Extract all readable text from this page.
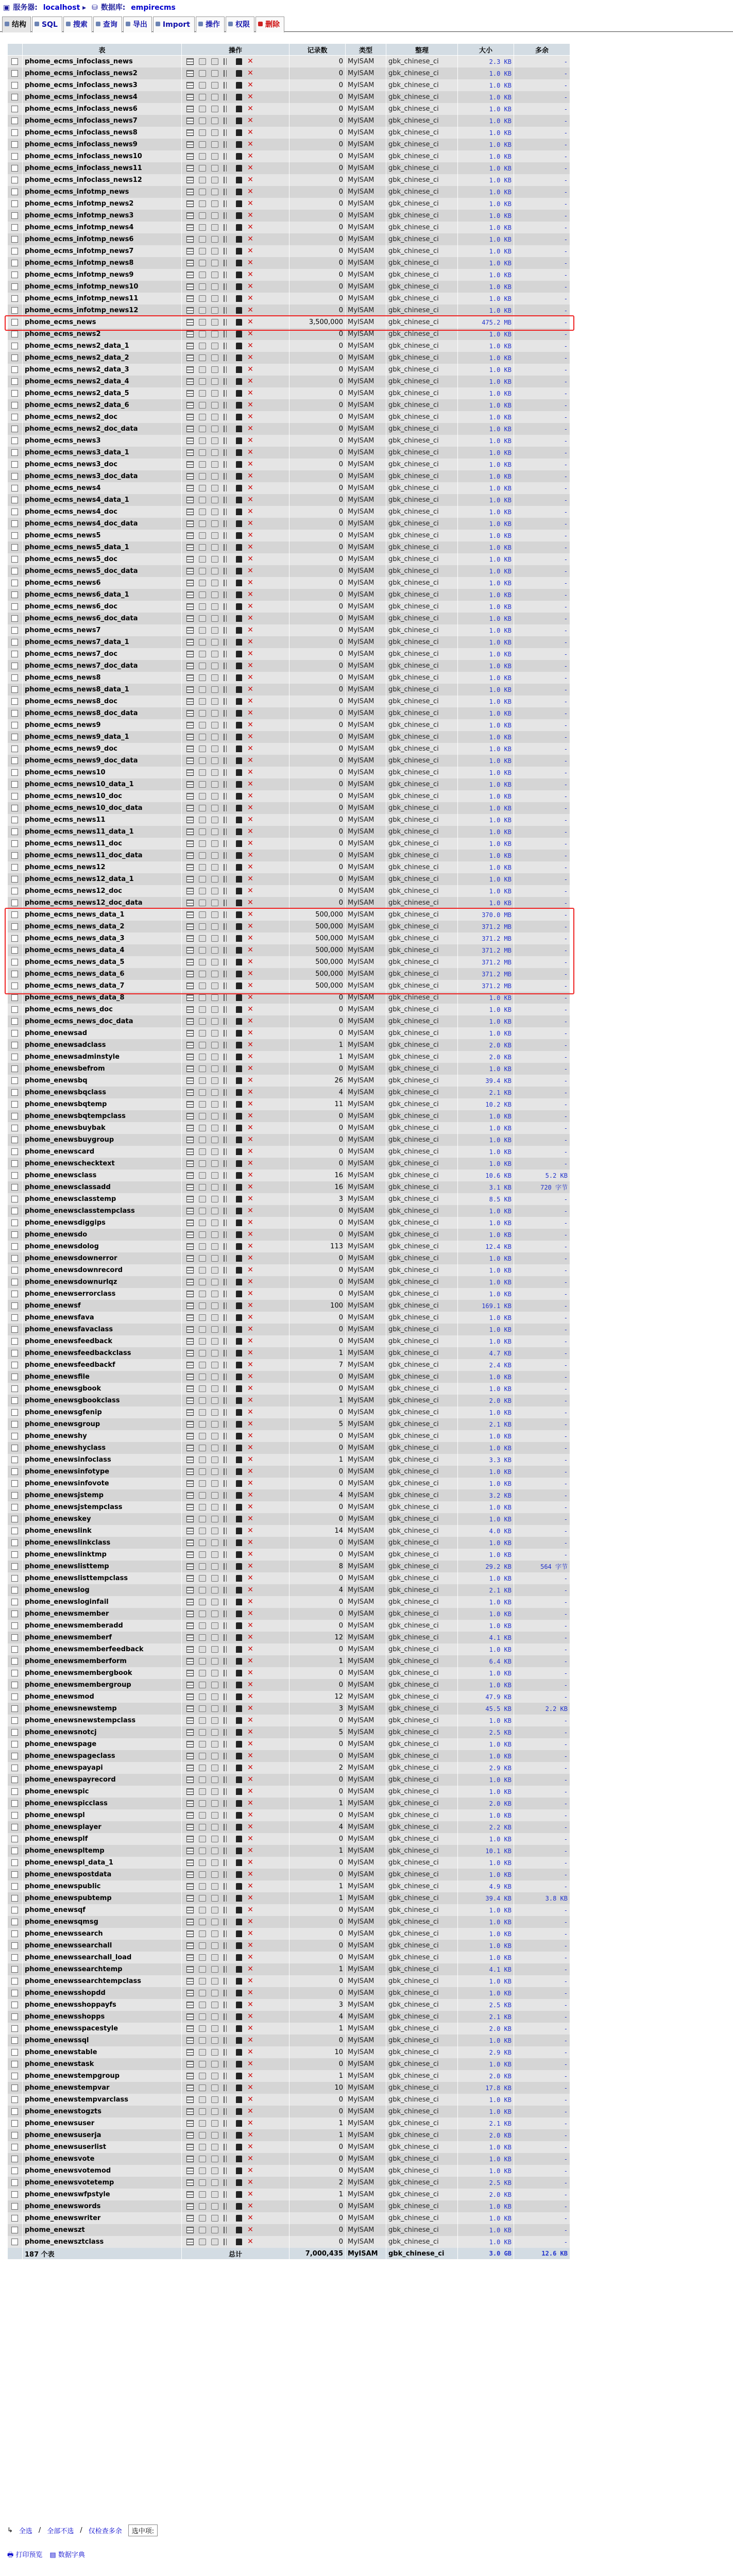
▣ 服务器: localhost ▸ ⛁ 数据库: empirecms
结构	SQL	搜索	查询	导出	Import	操作	权限	删除
	表	操作	记录数	类型	整理	大小	多余
	phome_ecms_infoclass_news	✕	0	MyISAM	gbk_chinese_ci	2.3 KB	-
	phome_ecms_infoclass_news2	✕	0	MyISAM	gbk_chinese_ci	1.0 KB	-
	phome_ecms_infoclass_news3	✕	0	MyISAM	gbk_chinese_ci	1.0 KB	-
	phome_ecms_infoclass_news4	✕	0	MyISAM	gbk_chinese_ci	1.0 KB	-
	phome_ecms_infoclass_news6	✕	0	MyISAM	gbk_chinese_ci	1.0 KB	-
	phome_ecms_infoclass_news7	✕	0	MyISAM	gbk_chinese_ci	1.0 KB	-
	phome_ecms_infoclass_news8	✕	0	MyISAM	gbk_chinese_ci	1.0 KB	-
	phome_ecms_infoclass_news9	✕	0	MyISAM	gbk_chinese_ci	1.0 KB	-
	phome_ecms_infoclass_news10	✕	0	MyISAM	gbk_chinese_ci	1.0 KB	-
	phome_ecms_infoclass_news11	✕	0	MyISAM	gbk_chinese_ci	1.0 KB	-
	phome_ecms_infoclass_news12	✕	0	MyISAM	gbk_chinese_ci	1.0 KB	-
	phome_ecms_infotmp_news	✕	0	MyISAM	gbk_chinese_ci	1.0 KB	-
	phome_ecms_infotmp_news2	✕	0	MyISAM	gbk_chinese_ci	1.0 KB	-
	phome_ecms_infotmp_news3	✕	0	MyISAM	gbk_chinese_ci	1.0 KB	-
	phome_ecms_infotmp_news4	✕	0	MyISAM	gbk_chinese_ci	1.0 KB	-
	phome_ecms_infotmp_news6	✕	0	MyISAM	gbk_chinese_ci	1.0 KB	-
	phome_ecms_infotmp_news7	✕	0	MyISAM	gbk_chinese_ci	1.0 KB	-
	phome_ecms_infotmp_news8	✕	0	MyISAM	gbk_chinese_ci	1.0 KB	-
	phome_ecms_infotmp_news9	✕	0	MyISAM	gbk_chinese_ci	1.0 KB	-
	phome_ecms_infotmp_news10	✕	0	MyISAM	gbk_chinese_ci	1.0 KB	-
	phome_ecms_infotmp_news11	✕	0	MyISAM	gbk_chinese_ci	1.0 KB	-
	phome_ecms_infotmp_news12	✕	0	MyISAM	gbk_chinese_ci	1.0 KB	-
	phome_ecms_news	✕	3,500,000	MyISAM	gbk_chinese_ci	475.2 MB	-
	phome_ecms_news2	✕	0	MyISAM	gbk_chinese_ci	1.0 KB	-
	phome_ecms_news2_data_1	✕	0	MyISAM	gbk_chinese_ci	1.0 KB	-
	phome_ecms_news2_data_2	✕	0	MyISAM	gbk_chinese_ci	1.0 KB	-
	phome_ecms_news2_data_3	✕	0	MyISAM	gbk_chinese_ci	1.0 KB	-
	phome_ecms_news2_data_4	✕	0	MyISAM	gbk_chinese_ci	1.0 KB	-
	phome_ecms_news2_data_5	✕	0	MyISAM	gbk_chinese_ci	1.0 KB	-
	phome_ecms_news2_data_6	✕	0	MyISAM	gbk_chinese_ci	1.0 KB	-
	phome_ecms_news2_doc	✕	0	MyISAM	gbk_chinese_ci	1.0 KB	-
	phome_ecms_news2_doc_data	✕	0	MyISAM	gbk_chinese_ci	1.0 KB	-
	phome_ecms_news3	✕	0	MyISAM	gbk_chinese_ci	1.0 KB	-
	phome_ecms_news3_data_1	✕	0	MyISAM	gbk_chinese_ci	1.0 KB	-
	phome_ecms_news3_doc	✕	0	MyISAM	gbk_chinese_ci	1.0 KB	-
	phome_ecms_news3_doc_data	✕	0	MyISAM	gbk_chinese_ci	1.0 KB	-
	phome_ecms_news4	✕	0	MyISAM	gbk_chinese_ci	1.0 KB	-
	phome_ecms_news4_data_1	✕	0	MyISAM	gbk_chinese_ci	1.0 KB	-
	phome_ecms_news4_doc	✕	0	MyISAM	gbk_chinese_ci	1.0 KB	-
	phome_ecms_news4_doc_data	✕	0	MyISAM	gbk_chinese_ci	1.0 KB	-
	phome_ecms_news5	✕	0	MyISAM	gbk_chinese_ci	1.0 KB	-
	phome_ecms_news5_data_1	✕	0	MyISAM	gbk_chinese_ci	1.0 KB	-
	phome_ecms_news5_doc	✕	0	MyISAM	gbk_chinese_ci	1.0 KB	-
	phome_ecms_news5_doc_data	✕	0	MyISAM	gbk_chinese_ci	1.0 KB	-
	phome_ecms_news6	✕	0	MyISAM	gbk_chinese_ci	1.0 KB	-
	phome_ecms_news6_data_1	✕	0	MyISAM	gbk_chinese_ci	1.0 KB	-
	phome_ecms_news6_doc	✕	0	MyISAM	gbk_chinese_ci	1.0 KB	-
	phome_ecms_news6_doc_data	✕	0	MyISAM	gbk_chinese_ci	1.0 KB	-
	phome_ecms_news7	✕	0	MyISAM	gbk_chinese_ci	1.0 KB	-
	phome_ecms_news7_data_1	✕	0	MyISAM	gbk_chinese_ci	1.0 KB	-
	phome_ecms_news7_doc	✕	0	MyISAM	gbk_chinese_ci	1.0 KB	-
	phome_ecms_news7_doc_data	✕	0	MyISAM	gbk_chinese_ci	1.0 KB	-
	phome_ecms_news8	✕	0	MyISAM	gbk_chinese_ci	1.0 KB	-
	phome_ecms_news8_data_1	✕	0	MyISAM	gbk_chinese_ci	1.0 KB	-
	phome_ecms_news8_doc	✕	0	MyISAM	gbk_chinese_ci	1.0 KB	-
	phome_ecms_news8_doc_data	✕	0	MyISAM	gbk_chinese_ci	1.0 KB	-
	phome_ecms_news9	✕	0	MyISAM	gbk_chinese_ci	1.0 KB	-
	phome_ecms_news9_data_1	✕	0	MyISAM	gbk_chinese_ci	1.0 KB	-
	phome_ecms_news9_doc	✕	0	MyISAM	gbk_chinese_ci	1.0 KB	-
	phome_ecms_news9_doc_data	✕	0	MyISAM	gbk_chinese_ci	1.0 KB	-
	phome_ecms_news10	✕	0	MyISAM	gbk_chinese_ci	1.0 KB	-
	phome_ecms_news10_data_1	✕	0	MyISAM	gbk_chinese_ci	1.0 KB	-
	phome_ecms_news10_doc	✕	0	MyISAM	gbk_chinese_ci	1.0 KB	-
	phome_ecms_news10_doc_data	✕	0	MyISAM	gbk_chinese_ci	1.0 KB	-
	phome_ecms_news11	✕	0	MyISAM	gbk_chinese_ci	1.0 KB	-
	phome_ecms_news11_data_1	✕	0	MyISAM	gbk_chinese_ci	1.0 KB	-
	phome_ecms_news11_doc	✕	0	MyISAM	gbk_chinese_ci	1.0 KB	-
	phome_ecms_news11_doc_data	✕	0	MyISAM	gbk_chinese_ci	1.0 KB	-
	phome_ecms_news12	✕	0	MyISAM	gbk_chinese_ci	1.0 KB	-
	phome_ecms_news12_data_1	✕	0	MyISAM	gbk_chinese_ci	1.0 KB	-
	phome_ecms_news12_doc	✕	0	MyISAM	gbk_chinese_ci	1.0 KB	-
	phome_ecms_news12_doc_data	✕	0	MyISAM	gbk_chinese_ci	1.0 KB	-
	phome_ecms_news_data_1	✕	500,000	MyISAM	gbk_chinese_ci	370.0 MB	-
	phome_ecms_news_data_2	✕	500,000	MyISAM	gbk_chinese_ci	371.2 MB	-
	phome_ecms_news_data_3	✕	500,000	MyISAM	gbk_chinese_ci	371.2 MB	-
	phome_ecms_news_data_4	✕	500,000	MyISAM	gbk_chinese_ci	371.2 MB	-
	phome_ecms_news_data_5	✕	500,000	MyISAM	gbk_chinese_ci	371.2 MB	-
	phome_ecms_news_data_6	✕	500,000	MyISAM	gbk_chinese_ci	371.2 MB	-
	phome_ecms_news_data_7	✕	500,000	MyISAM	gbk_chinese_ci	371.2 MB	-
	phome_ecms_news_data_8	✕	0	MyISAM	gbk_chinese_ci	1.0 KB	-
	phome_ecms_news_doc	✕	0	MyISAM	gbk_chinese_ci	1.0 KB	-
	phome_ecms_news_doc_data	✕	0	MyISAM	gbk_chinese_ci	1.0 KB	-
	phome_enewsad	✕	0	MyISAM	gbk_chinese_ci	1.0 KB	-
	phome_enewsadclass	✕	1	MyISAM	gbk_chinese_ci	2.0 KB	-
	phome_enewsadminstyle	✕	1	MyISAM	gbk_chinese_ci	2.0 KB	-
	phome_enewsbefrom	✕	0	MyISAM	gbk_chinese_ci	1.0 KB	-
	phome_enewsbq	✕	26	MyISAM	gbk_chinese_ci	39.4 KB	-
	phome_enewsbqclass	✕	4	MyISAM	gbk_chinese_ci	2.1 KB	-
	phome_enewsbqtemp	✕	11	MyISAM	gbk_chinese_ci	10.2 KB	-
	phome_enewsbqtempclass	✕	0	MyISAM	gbk_chinese_ci	1.0 KB	-
	phome_enewsbuybak	✕	0	MyISAM	gbk_chinese_ci	1.0 KB	-
	phome_enewsbuygroup	✕	0	MyISAM	gbk_chinese_ci	1.0 KB	-
	phome_enewscard	✕	0	MyISAM	gbk_chinese_ci	1.0 KB	-
	phome_enewschecktext	✕	0	MyISAM	gbk_chinese_ci	1.0 KB	-
	phome_enewsclass	✕	16	MyISAM	gbk_chinese_ci	10.6 KB	5.2 KB
	phome_enewsclassadd	✕	16	MyISAM	gbk_chinese_ci	3.1 KB	720 字节
	phome_enewsclasstemp	✕	3	MyISAM	gbk_chinese_ci	8.5 KB	-
	phome_enewsclasstempclass	✕	0	MyISAM	gbk_chinese_ci	1.0 KB	-
	phome_enewsdiggips	✕	0	MyISAM	gbk_chinese_ci	1.0 KB	-
	phome_enewsdo	✕	0	MyISAM	gbk_chinese_ci	1.0 KB	-
	phome_enewsdolog	✕	113	MyISAM	gbk_chinese_ci	12.4 KB	-
	phome_enewsdownerror	✕	0	MyISAM	gbk_chinese_ci	1.0 KB	-
	phome_enewsdownrecord	✕	0	MyISAM	gbk_chinese_ci	1.0 KB	-
	phome_enewsdownurlqz	✕	0	MyISAM	gbk_chinese_ci	1.0 KB	-
	phome_enewserrorclass	✕	0	MyISAM	gbk_chinese_ci	1.0 KB	-
	phome_enewsf	✕	100	MyISAM	gbk_chinese_ci	169.1 KB	-
	phome_enewsfava	✕	0	MyISAM	gbk_chinese_ci	1.0 KB	-
	phome_enewsfavaclass	✕	0	MyISAM	gbk_chinese_ci	1.0 KB	-
	phome_enewsfeedback	✕	0	MyISAM	gbk_chinese_ci	1.0 KB	-
	phome_enewsfeedbackclass	✕	1	MyISAM	gbk_chinese_ci	4.7 KB	-
	phome_enewsfeedbackf	✕	7	MyISAM	gbk_chinese_ci	2.4 KB	-
	phome_enewsfile	✕	0	MyISAM	gbk_chinese_ci	1.0 KB	-
	phome_enewsgbook	✕	0	MyISAM	gbk_chinese_ci	1.0 KB	-
	phome_enewsgbookclass	✕	1	MyISAM	gbk_chinese_ci	2.0 KB	-
	phome_enewsgfenip	✕	0	MyISAM	gbk_chinese_ci	1.0 KB	-
	phome_enewsgroup	✕	5	MyISAM	gbk_chinese_ci	2.1 KB	-
	phome_enewshy	✕	0	MyISAM	gbk_chinese_ci	1.0 KB	-
	phome_enewshyclass	✕	0	MyISAM	gbk_chinese_ci	1.0 KB	-
	phome_enewsinfoclass	✕	1	MyISAM	gbk_chinese_ci	3.3 KB	-
	phome_enewsinfotype	✕	0	MyISAM	gbk_chinese_ci	1.0 KB	-
	phome_enewsinfovote	✕	0	MyISAM	gbk_chinese_ci	1.0 KB	-
	phome_enewsjstemp	✕	4	MyISAM	gbk_chinese_ci	3.2 KB	-
	phome_enewsjstempclass	✕	0	MyISAM	gbk_chinese_ci	1.0 KB	-
	phome_enewskey	✕	0	MyISAM	gbk_chinese_ci	1.0 KB	-
	phome_enewslink	✕	14	MyISAM	gbk_chinese_ci	4.0 KB	-
	phome_enewslinkclass	✕	0	MyISAM	gbk_chinese_ci	1.0 KB	-
	phome_enewslinktmp	✕	0	MyISAM	gbk_chinese_ci	1.0 KB	-
	phome_enewslisttemp	✕	8	MyISAM	gbk_chinese_ci	29.2 KB	564 字节
	phome_enewslisttempclass	✕	0	MyISAM	gbk_chinese_ci	1.0 KB	-
	phome_enewslog	✕	4	MyISAM	gbk_chinese_ci	2.1 KB	-
	phome_enewsloginfail	✕	0	MyISAM	gbk_chinese_ci	1.0 KB	-
	phome_enewsmember	✕	0	MyISAM	gbk_chinese_ci	1.0 KB	-
	phome_enewsmemberadd	✕	0	MyISAM	gbk_chinese_ci	1.0 KB	-
	phome_enewsmemberf	✕	12	MyISAM	gbk_chinese_ci	4.1 KB	-
	phome_enewsmemberfeedback	✕	0	MyISAM	gbk_chinese_ci	1.0 KB	-
	phome_enewsmemberform	✕	1	MyISAM	gbk_chinese_ci	6.4 KB	-
	phome_enewsmembergbook	✕	0	MyISAM	gbk_chinese_ci	1.0 KB	-
	phome_enewsmembergroup	✕	0	MyISAM	gbk_chinese_ci	1.0 KB	-
	phome_enewsmod	✕	12	MyISAM	gbk_chinese_ci	47.9 KB	-
	phome_enewsnewstemp	✕	3	MyISAM	gbk_chinese_ci	45.5 KB	2.2 KB
	phome_enewsnewstempclass	✕	0	MyISAM	gbk_chinese_ci	1.0 KB	-
	phome_enewsnotcj	✕	5	MyISAM	gbk_chinese_ci	2.5 KB	-
	phome_enewspage	✕	0	MyISAM	gbk_chinese_ci	1.0 KB	-
	phome_enewspageclass	✕	0	MyISAM	gbk_chinese_ci	1.0 KB	-
	phome_enewspayapi	✕	2	MyISAM	gbk_chinese_ci	2.9 KB	-
	phome_enewspayrecord	✕	0	MyISAM	gbk_chinese_ci	1.0 KB	-
	phome_enewspic	✕	0	MyISAM	gbk_chinese_ci	1.0 KB	-
	phome_enewspicclass	✕	1	MyISAM	gbk_chinese_ci	2.0 KB	-
	phome_enewspl	✕	0	MyISAM	gbk_chinese_ci	1.0 KB	-
	phome_enewsplayer	✕	4	MyISAM	gbk_chinese_ci	2.2 KB	-
	phome_enewsplf	✕	0	MyISAM	gbk_chinese_ci	1.0 KB	-
	phome_enewspltemp	✕	1	MyISAM	gbk_chinese_ci	10.1 KB	-
	phome_enewspl_data_1	✕	0	MyISAM	gbk_chinese_ci	1.0 KB	-
	phome_enewspostdata	✕	0	MyISAM	gbk_chinese_ci	1.0 KB	-
	phome_enewspublic	✕	1	MyISAM	gbk_chinese_ci	4.9 KB	-
	phome_enewspubtemp	✕	1	MyISAM	gbk_chinese_ci	39.4 KB	3.8 KB
	phome_enewsqf	✕	0	MyISAM	gbk_chinese_ci	1.0 KB	-
	phome_enewsqmsg	✕	0	MyISAM	gbk_chinese_ci	1.0 KB	-
	phome_enewssearch	✕	0	MyISAM	gbk_chinese_ci	1.0 KB	-
	phome_enewssearchall	✕	0	MyISAM	gbk_chinese_ci	1.0 KB	-
	phome_enewssearchall_load	✕	0	MyISAM	gbk_chinese_ci	1.0 KB	-
	phome_enewssearchtemp	✕	1	MyISAM	gbk_chinese_ci	4.1 KB	-
	phome_enewssearchtempclass	✕	0	MyISAM	gbk_chinese_ci	1.0 KB	-
	phome_enewsshopdd	✕	0	MyISAM	gbk_chinese_ci	1.0 KB	-
	phome_enewsshoppayfs	✕	3	MyISAM	gbk_chinese_ci	2.5 KB	-
	phome_enewsshopps	✕	4	MyISAM	gbk_chinese_ci	2.1 KB	-
	phome_enewsspacestyle	✕	1	MyISAM	gbk_chinese_ci	2.0 KB	-
	phome_enewssql	✕	0	MyISAM	gbk_chinese_ci	1.0 KB	-
	phome_enewstable	✕	10	MyISAM	gbk_chinese_ci	2.9 KB	-
	phome_enewstask	✕	0	MyISAM	gbk_chinese_ci	1.0 KB	-
	phome_enewstempgroup	✕	1	MyISAM	gbk_chinese_ci	2.0 KB	-
	phome_enewstempvar	✕	10	MyISAM	gbk_chinese_ci	17.8 KB	-
	phome_enewstempvarclass	✕	0	MyISAM	gbk_chinese_ci	1.0 KB	-
	phome_enewstogzts	✕	0	MyISAM	gbk_chinese_ci	1.0 KB	-
	phome_enewsuser	✕	1	MyISAM	gbk_chinese_ci	2.1 KB	-
	phome_enewsuserja	✕	1	MyISAM	gbk_chinese_ci	2.0 KB	-
	phome_enewsuserlist	✕	0	MyISAM	gbk_chinese_ci	1.0 KB	-
	phome_enewsvote	✕	0	MyISAM	gbk_chinese_ci	1.0 KB	-
	phome_enewsvotemod	✕	0	MyISAM	gbk_chinese_ci	1.0 KB	-
	phome_enewsvotetemp	✕	2	MyISAM	gbk_chinese_ci	2.5 KB	-
	phome_enewswfpstyle	✕	1	MyISAM	gbk_chinese_ci	2.0 KB	-
	phome_enewswords	✕	0	MyISAM	gbk_chinese_ci	1.0 KB	-
	phome_enewswriter	✕	0	MyISAM	gbk_chinese_ci	1.0 KB	-
	phome_enewszt	✕	0	MyISAM	gbk_chinese_ci	1.0 KB	-
	phome_enewsztclass	✕	0	MyISAM	gbk_chinese_ci	1.0 KB	-
	187 个表	总计	7,000,435	MyISAM	gbk_chinese_ci	3.0 GB	12.6 KB
↳ 全选 / 全部不选 / 仅检查多余	选中项:
🖶 打印预览 ▤ 数据字典
